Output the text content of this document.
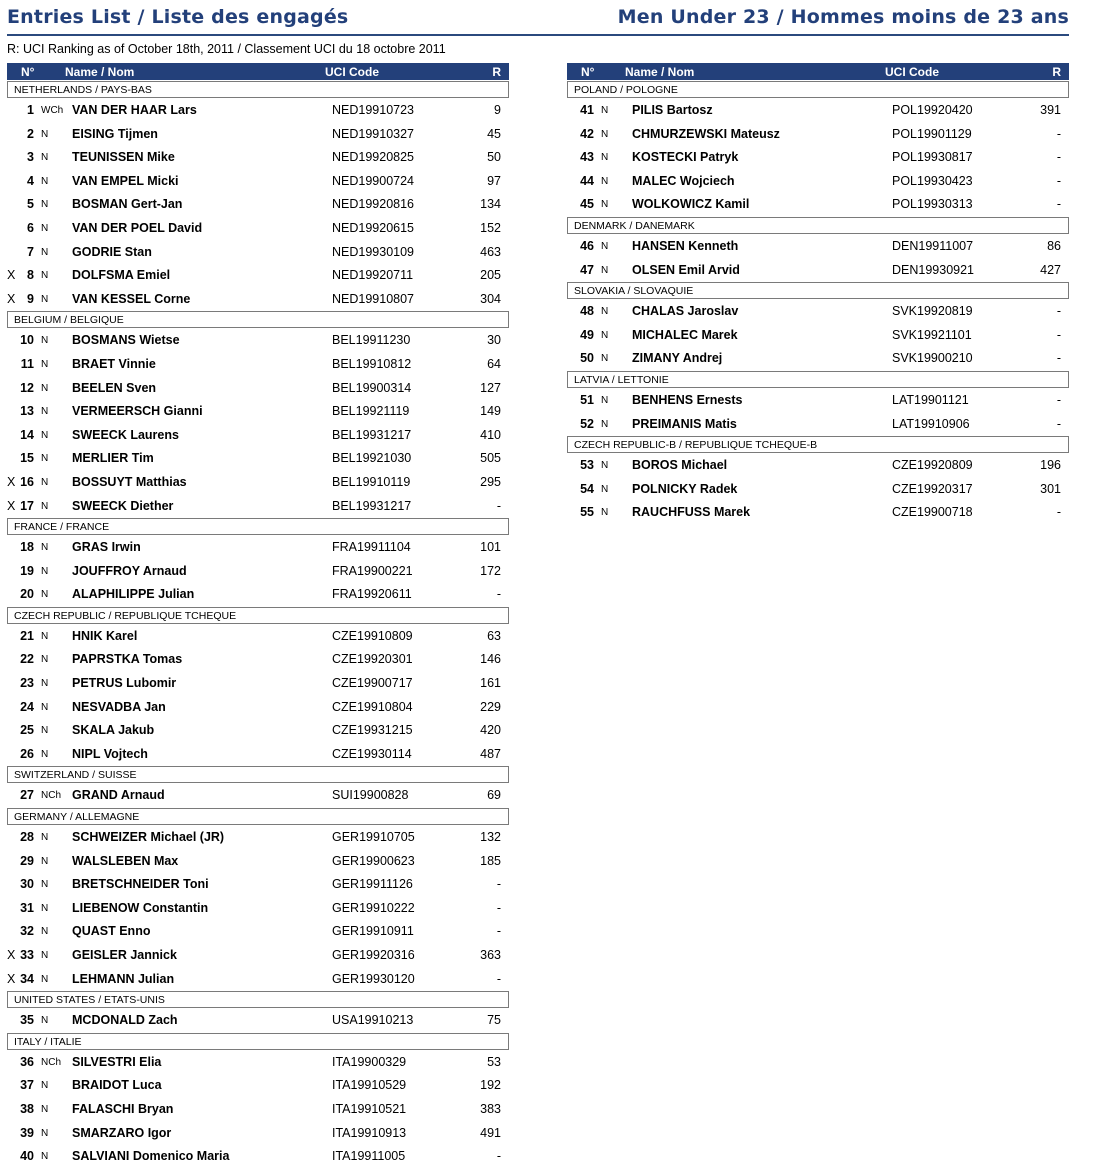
Entries List / Liste des engagés	Men Under 23 / Hommes moins de 23 ans
R: UCI Ranking as of October 18th, 2011 / Classement UCI du 18 octobre 2011
N°	Name / Nom	UCI Code	R
NETHERLANDS / PAYS-BAS
1 WCh VAN DER HAAR Lars	NED19910723	9
2 N EISING Tijmen	NED19910327	45
3 N TEUNISSEN Mike	NED19920825	50
4 N VAN EMPEL Micki	NED19900724	97
5 N BOSMAN Gert-Jan	NED19920816	134
6 N VAN DER POEL David	NED19920615	152
7 N GODRIE Stan	NED19930109	463
X 8 N DOLFSMA Emiel	NED19920711	205
X 9 N VAN KESSEL Corne	NED19910807	304
BELGIUM / BELGIQUE
10 N BOSMANS Wietse	BEL19911230	30
11 N BRAET Vinnie	BEL19910812	64
12 N BEELEN Sven	BEL19900314	127
13 N VERMEERSCH Gianni	BEL19921119	149
14 N SWEECK Laurens	BEL19931217	410
15 N MERLIER Tim	BEL19921030	505
X 16 N BOSSUYT Matthias	BEL19910119	295
X 17 N SWEECK Diether	BEL19931217	-
FRANCE / FRANCE
18 N GRAS Irwin	FRA19911104	101
19 N JOUFFROY Arnaud	FRA19900221	172
20 N ALAPHILIPPE Julian	FRA19920611	-
CZECH REPUBLIC / REPUBLIQUE TCHEQUE
21 N HNIK Karel	CZE19910809	63
22 N PAPRSTKA Tomas	CZE19920301	146
23 N PETRUS Lubomir	CZE19900717	161
24 N NESVADBA Jan	CZE19910804	229
25 N SKALA Jakub	CZE19931215	420
26 N NIPL Vojtech	CZE19930114	487
SWITZERLAND / SUISSE
27 NCh GRAND Arnaud	SUI19900828	69
GERMANY / ALLEMAGNE
28 N SCHWEIZER Michael (JR)	GER19910705	132
29 N WALSLEBEN Max	GER19900623	185
30 N BRETSCHNEIDER Toni	GER19911126	-
31 N LIEBENOW Constantin	GER19910222	-
32 N QUAST Enno	GER19910911	-
X 33 N GEISLER Jannick	GER19920316	363
X 34 N LEHMANN Julian	GER19930120	-
UNITED STATES / ETATS-UNIS
35 N MCDONALD Zach	USA19910213	75
ITALY / ITALIE
36 NCh SILVESTRI Elia	ITA19900329	53
37 N BRAIDOT Luca	ITA19910529	192
38 N FALASCHI Bryan	ITA19910521	383
39 N SMARZARO Igor	ITA19910913	491
40 N SALVIANI Domenico Maria	ITA19911005	-
N°	Name / Nom	UCI Code	R
POLAND / POLOGNE
41 N PILIS Bartosz	POL19920420	391
42 N CHMURZEWSKI Mateusz	POL19901129	-
43 N KOSTECKI Patryk	POL19930817	-
44 N MALEC Wojciech	POL19930423	-
45 N WOLKOWICZ Kamil	POL19930313	-
DENMARK / DANEMARK
46 N HANSEN Kenneth	DEN19911007	86
47 N OLSEN Emil Arvid	DEN19930921	427
SLOVAKIA / SLOVAQUIE
48 N CHALAS Jaroslav	SVK19920819	-
49 N MICHALEC Marek	SVK19921101	-
50 N ZIMANY Andrej	SVK19900210	-
LATVIA / LETTONIE
51 N BENHENS Ernests	LAT19901121	-
52 N PREIMANIS Matis	LAT19910906	-
CZECH REPUBLIC-B / REPUBLIQUE TCHEQUE-B
53 N BOROS Michael	CZE19920809	196
54 N POLNICKY Radek	CZE19920317	301
55 N RAUCHFUSS Marek	CZE19900718	-
